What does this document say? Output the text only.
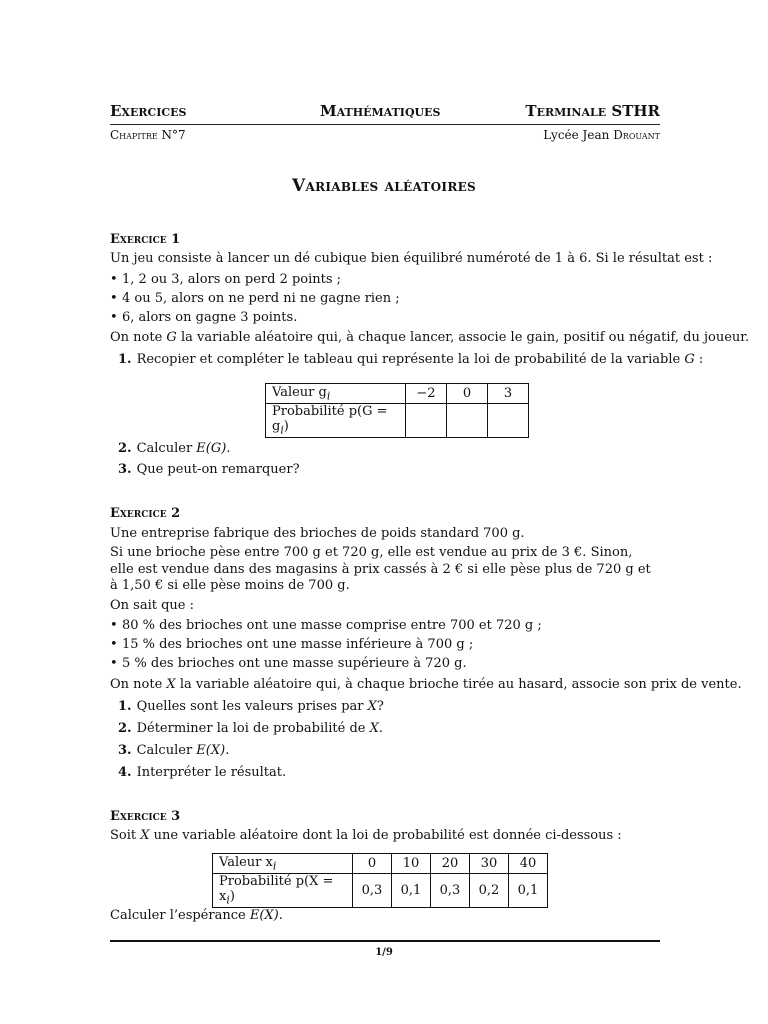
Exercices	Mathématiques	Terminale STHR
Chapitre N°7	Lycée Jean Drouant
Variables aléatoires
Exercice 1
Un jeu consiste à lancer un dé cubique bien équilibré numéroté de 1 à 6. Si le résultat est :
• 1, 2 ou 3, alors on perd 2 points ;
• 4 ou 5, alors on ne perd ni ne gagne rien ;
• 6, alors on gagne 3 points.
On note G la variable aléatoire qui, à chaque lancer, associe le gain, positif ou négatif, du joueur.
1. Recopier et compléter le tableau qui représente la loi de probabilité de la variable G :
Valeur $g_i$	−2	0	3
Probabilité $p(G = g_i)$			
2. Calculer E(G).
3. Que peut-on remarquer?
Exercice 2
Une entreprise fabrique des brioches de poids standard 700 g.
Si une brioche pèse entre 700 g et 720 g, elle est vendue au prix de 3 €. Sinon, elle est vendue dans des magasins à prix cassés à 2 € si elle pèse plus de 720 g et à 1,50 € si elle pèse moins de 700 g.
On sait que :
• 80 % des brioches ont une masse comprise entre 700 et 720 g ;
• 15 % des brioches ont une masse inférieure à 700 g ;
• 5 % des brioches ont une masse supérieure à 720 g.
On note X la variable aléatoire qui, à chaque brioche tirée au hasard, associe son prix de vente.
1. Quelles sont les valeurs prises par X?
2. Déterminer la loi de probabilité de X.
3. Calculer E(X).
4. Interpréter le résultat.
Exercice 3
Soit X une variable aléatoire dont la loi de probabilité est donnée ci-dessous :
Valeur $x_i$	0	10	20	30	40
Probabilité $p(X = x_i)$	0,3	0,1	0,3	0,2	0,1
Calculer l’espérance E(X).
1/9
